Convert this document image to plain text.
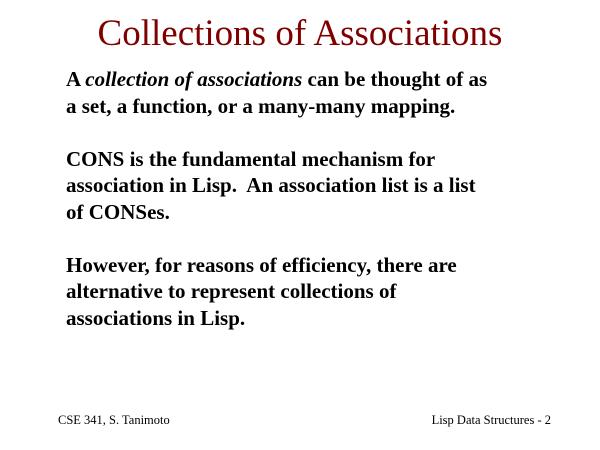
Collections of Associations
A collection of associations can be thought of as
a set, a function, or a many-many mapping.
CONS is the fundamental mechanism for
association in Lisp.  An association list is a list
of CONSes.
However, for reasons of efficiency, there are
alternative to represent collections of
associations in Lisp.
CSE 341, S. Tanimoto	Lisp Data Structures - 2
